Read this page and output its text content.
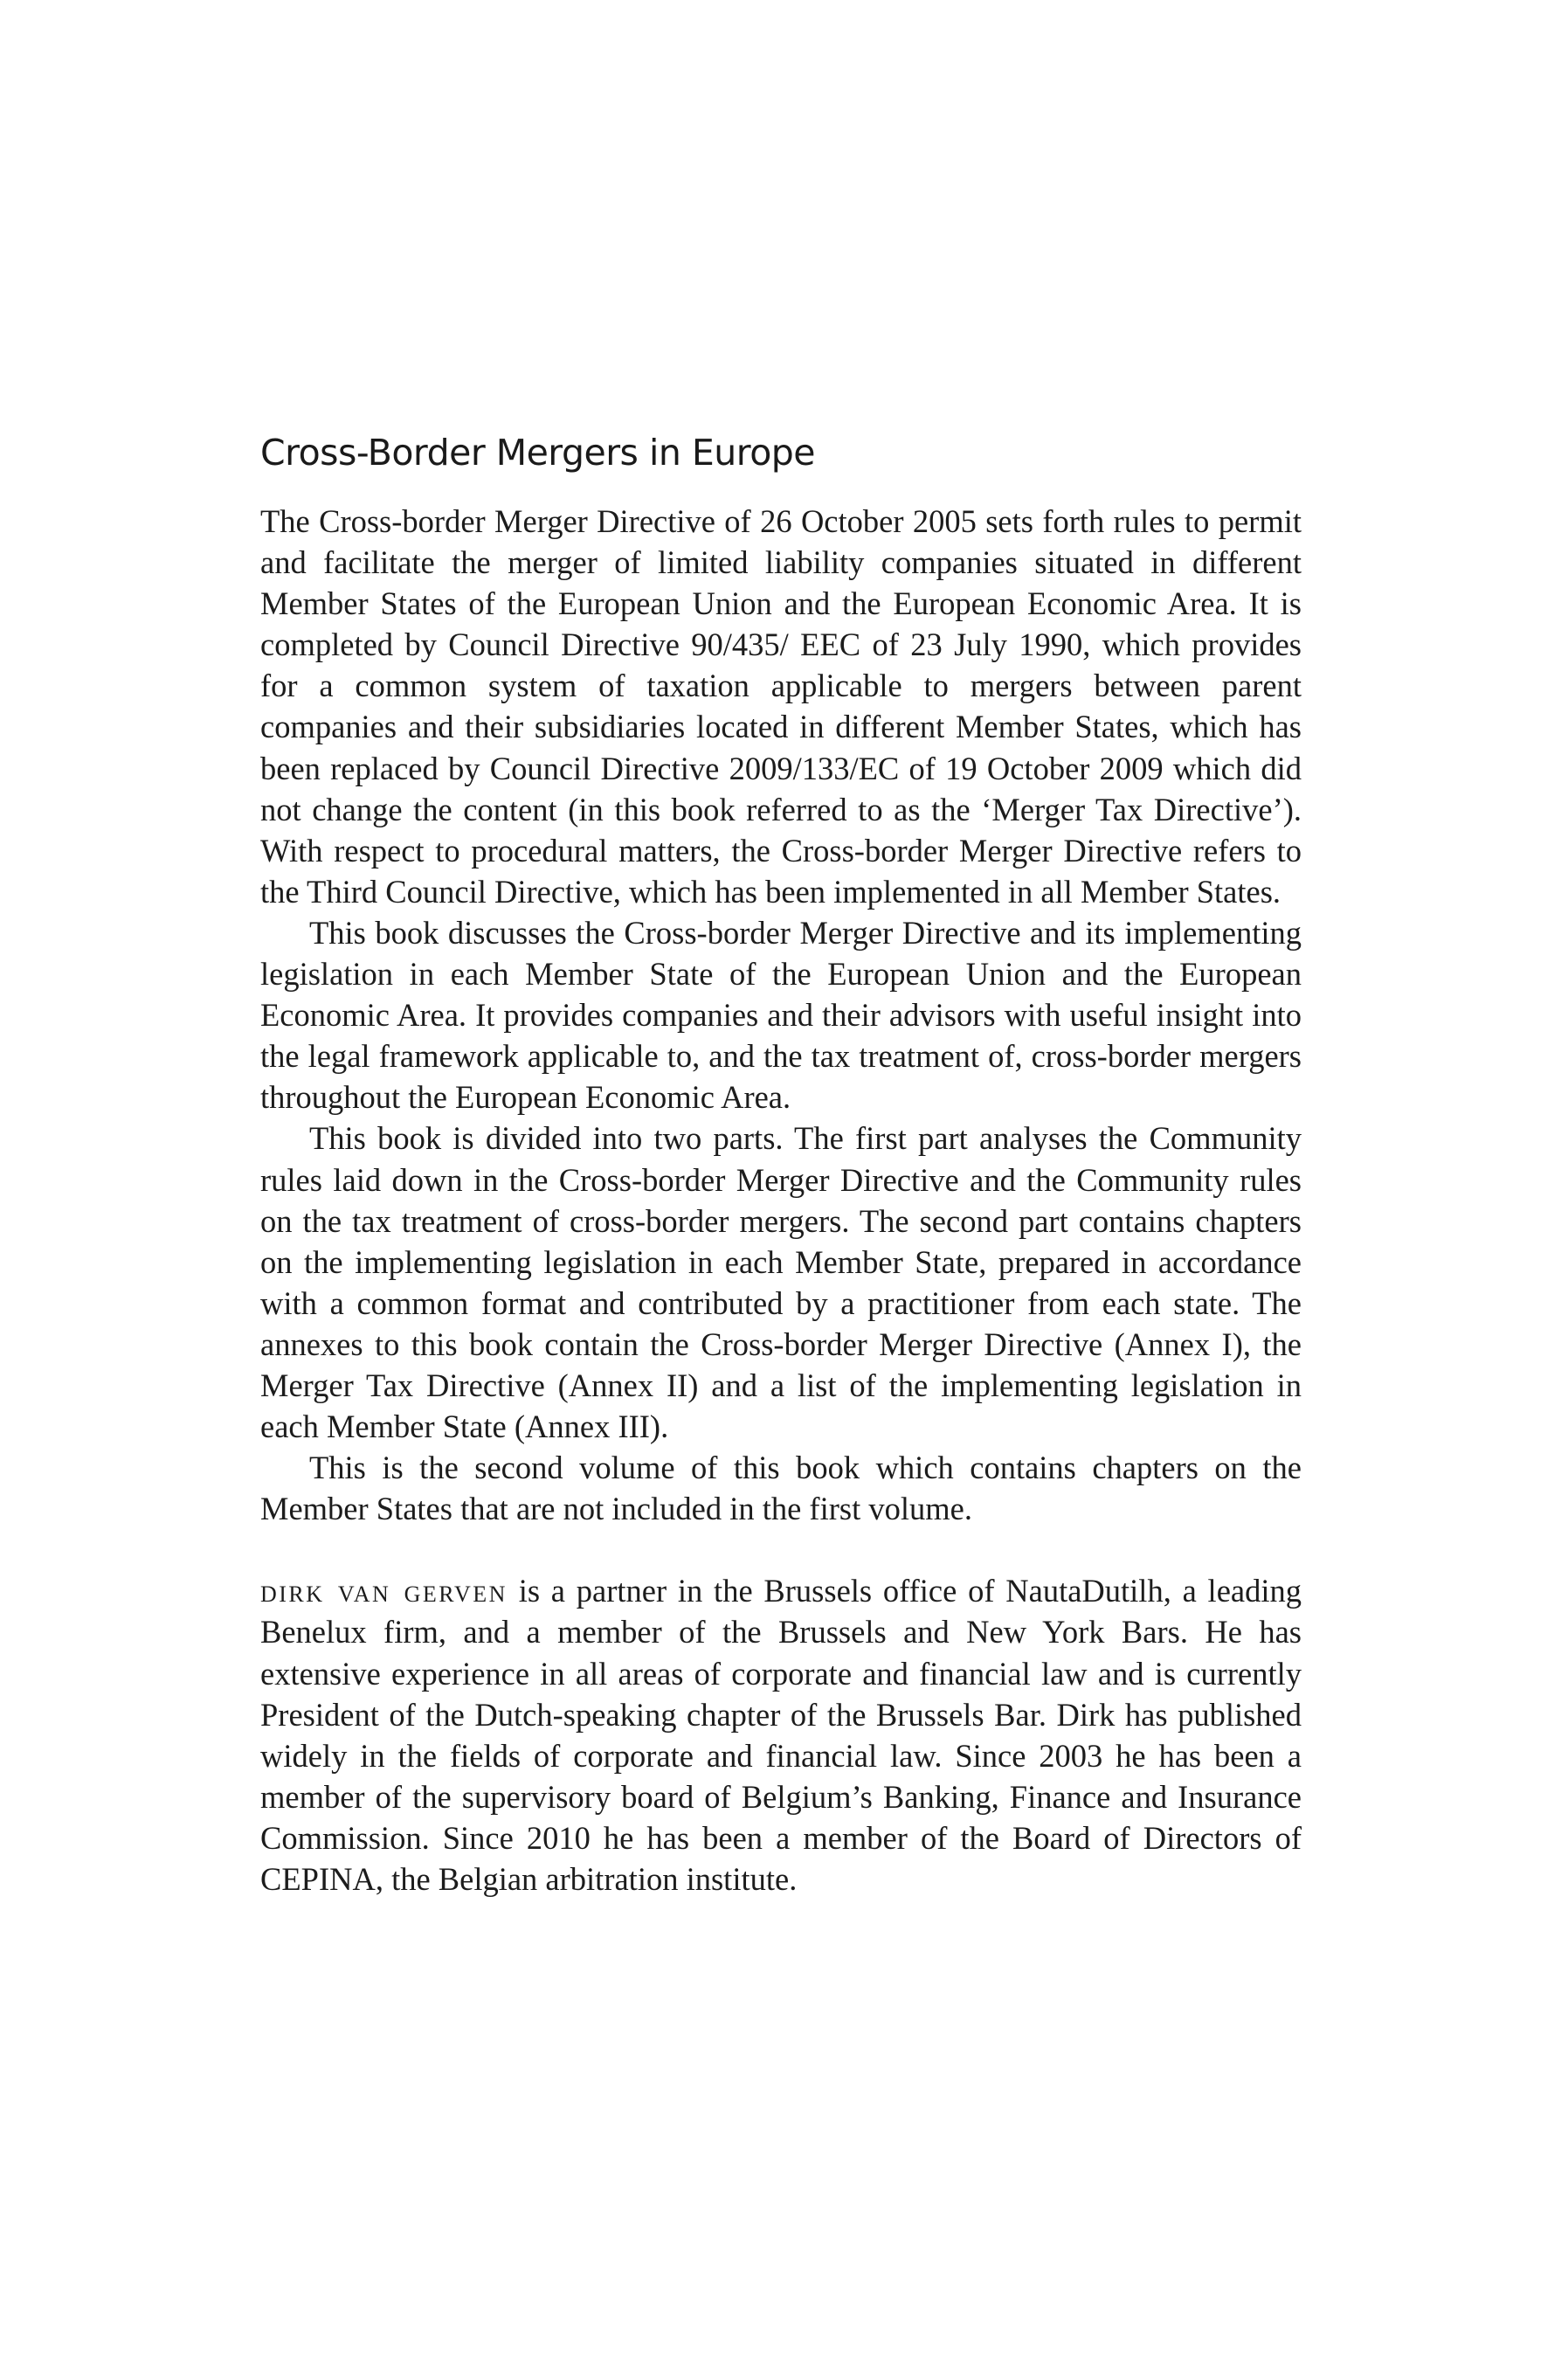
Cross-Border Mergers in Europe

The Cross-border Merger Directive of 26 October 2005 sets forth rules to permit and facilitate the merger of limited liability companies situated in different Member States of the European Union and the European Economic Area. It is completed by Council Directive 90/435/ EEC of 23 July 1990, which provides for a common system of taxation applicable to mergers between parent companies and their subsidiaries located in different Member States, which has been replaced by Council Directive 2009/133/EC of 19 October 2009 which did not change the content (in this book referred to as the ‘Merger Tax Directive’). With respect to procedural matters, the Cross-border Merger Directive refers to the Third Council Directive, which has been implemented in all Member States.

This book discusses the Cross-border Merger Directive and its implementing legislation in each Member State of the European Union and the European Economic Area. It provides companies and their advisors with useful insight into the legal framework applicable to, and the tax treatment of, cross-border mergers throughout the European Economic Area.

This book is divided into two parts. The first part analyses the Community rules laid down in the Cross-border Merger Directive and the Community rules on the tax treatment of cross-border mergers. The second part contains chapters on the implementing legislation in each Member State, prepared in accordance with a common format and contributed by a practitioner from each state. The annexes to this book contain the Cross-border Merger Directive (Annex I), the Merger Tax Directive (Annex II) and a list of the implementing legislation in each Member State (Annex III).

This is the second volume of this book which contains chapters on the Member States that are not included in the first volume.

dirk van gerven is a partner in the Brussels office of NautaDutilh, a leading Benelux firm, and a member of the Brussels and New York Bars. He has extensive experience in all areas of corporate and financial law and is currently President of the Dutch-speaking chapter of the Brussels Bar. Dirk has published widely in the fields of corporate and financial law. Since 2003 he has been a member of the supervisory board of Belgium’s Banking, Finance and Insurance Commission. Since 2010 he has been a member of the Board of Directors of CEPINA, the Belgian arbitration institute.
